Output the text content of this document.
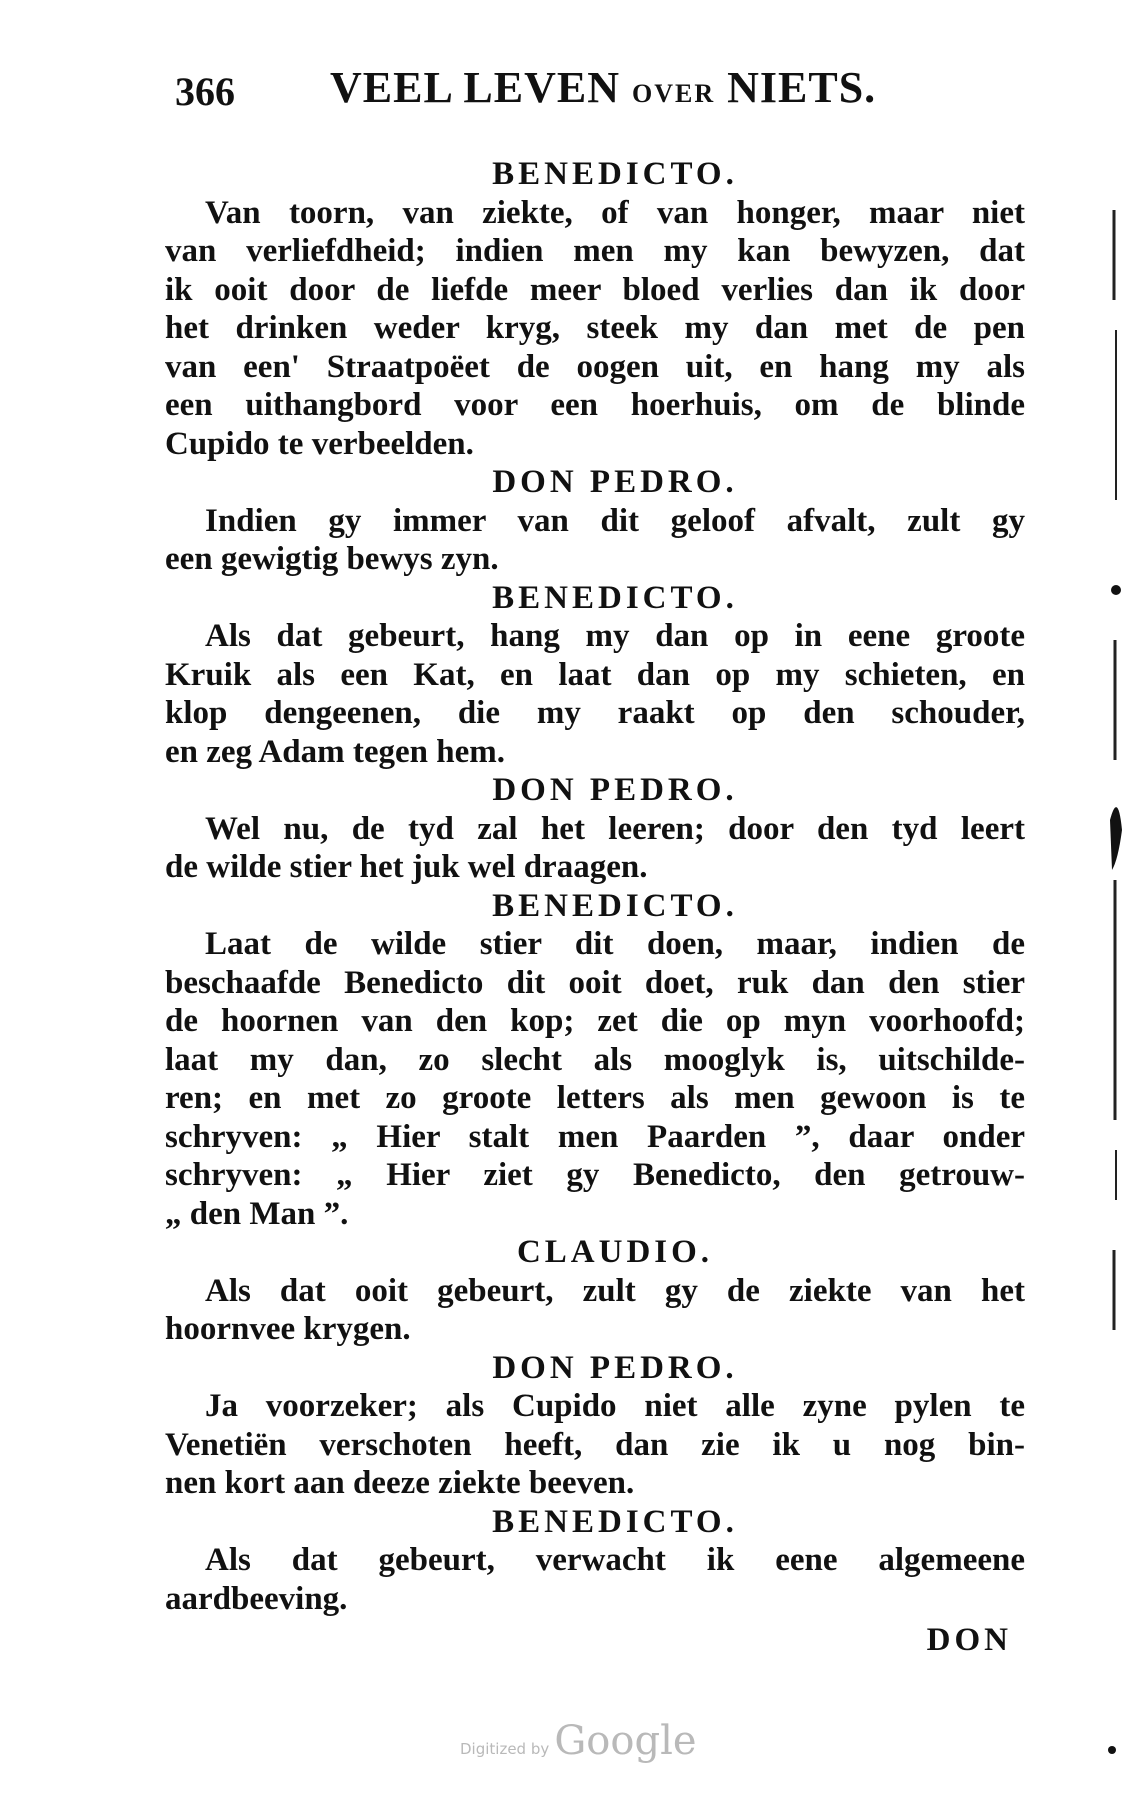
366 VEEL LEVEN OVER NIETS.
BENEDICTO.
Van toorn, van ziekte, of van honger, maar niet
van verliefdheid; indien men my kan bewyzen, dat
ik ooit door de liefde meer bloed verlies dan ik door
het drinken weder kryg, steek my dan met de pen
van een' Straatpoëet de oogen uit, en hang my als
een uithangbord voor een hoerhuis, om de blinde
Cupido te verbeelden.
DON PEDRO.
Indien gy immer van dit geloof afvalt, zult gy
een gewigtig bewys zyn.
BENEDICTO.
Als dat gebeurt, hang my dan op in eene groote
Kruik als een Kat, en laat dan op my schieten, en
klop dengeenen, die my raakt op den schouder,
en zeg Adam tegen hem.
DON PEDRO.
Wel nu, de tyd zal het leeren; door den tyd leert
de wilde stier het juk wel draagen.
BENEDICTO.
Laat de wilde stier dit doen, maar, indien de
beschaafde Benedicto dit ooit doet, ruk dan den stier
de hoornen van den kop; zet die op myn voorhoofd;
laat my dan, zo slecht als mooglyk is, uitschilde-
ren; en met zo groote letters als men gewoon is te
schryven: „ Hier stalt men Paarden ”, daar onder
schryven: „ Hier ziet gy Benedicto, den getrouw-
„ den Man ”.
CLAUDIO.
Als dat ooit gebeurt, zult gy de ziekte van het
hoornvee krygen.
DON PEDRO.
Ja voorzeker; als Cupido niet alle zyne pylen te
Venetiën verschoten heeft, dan zie ik u nog bin-
nen kort aan deeze ziekte beeven.
BENEDICTO.
Als dat gebeurt, verwacht ik eene algemeene
aardbeeving.
DON
Digitized by Google
